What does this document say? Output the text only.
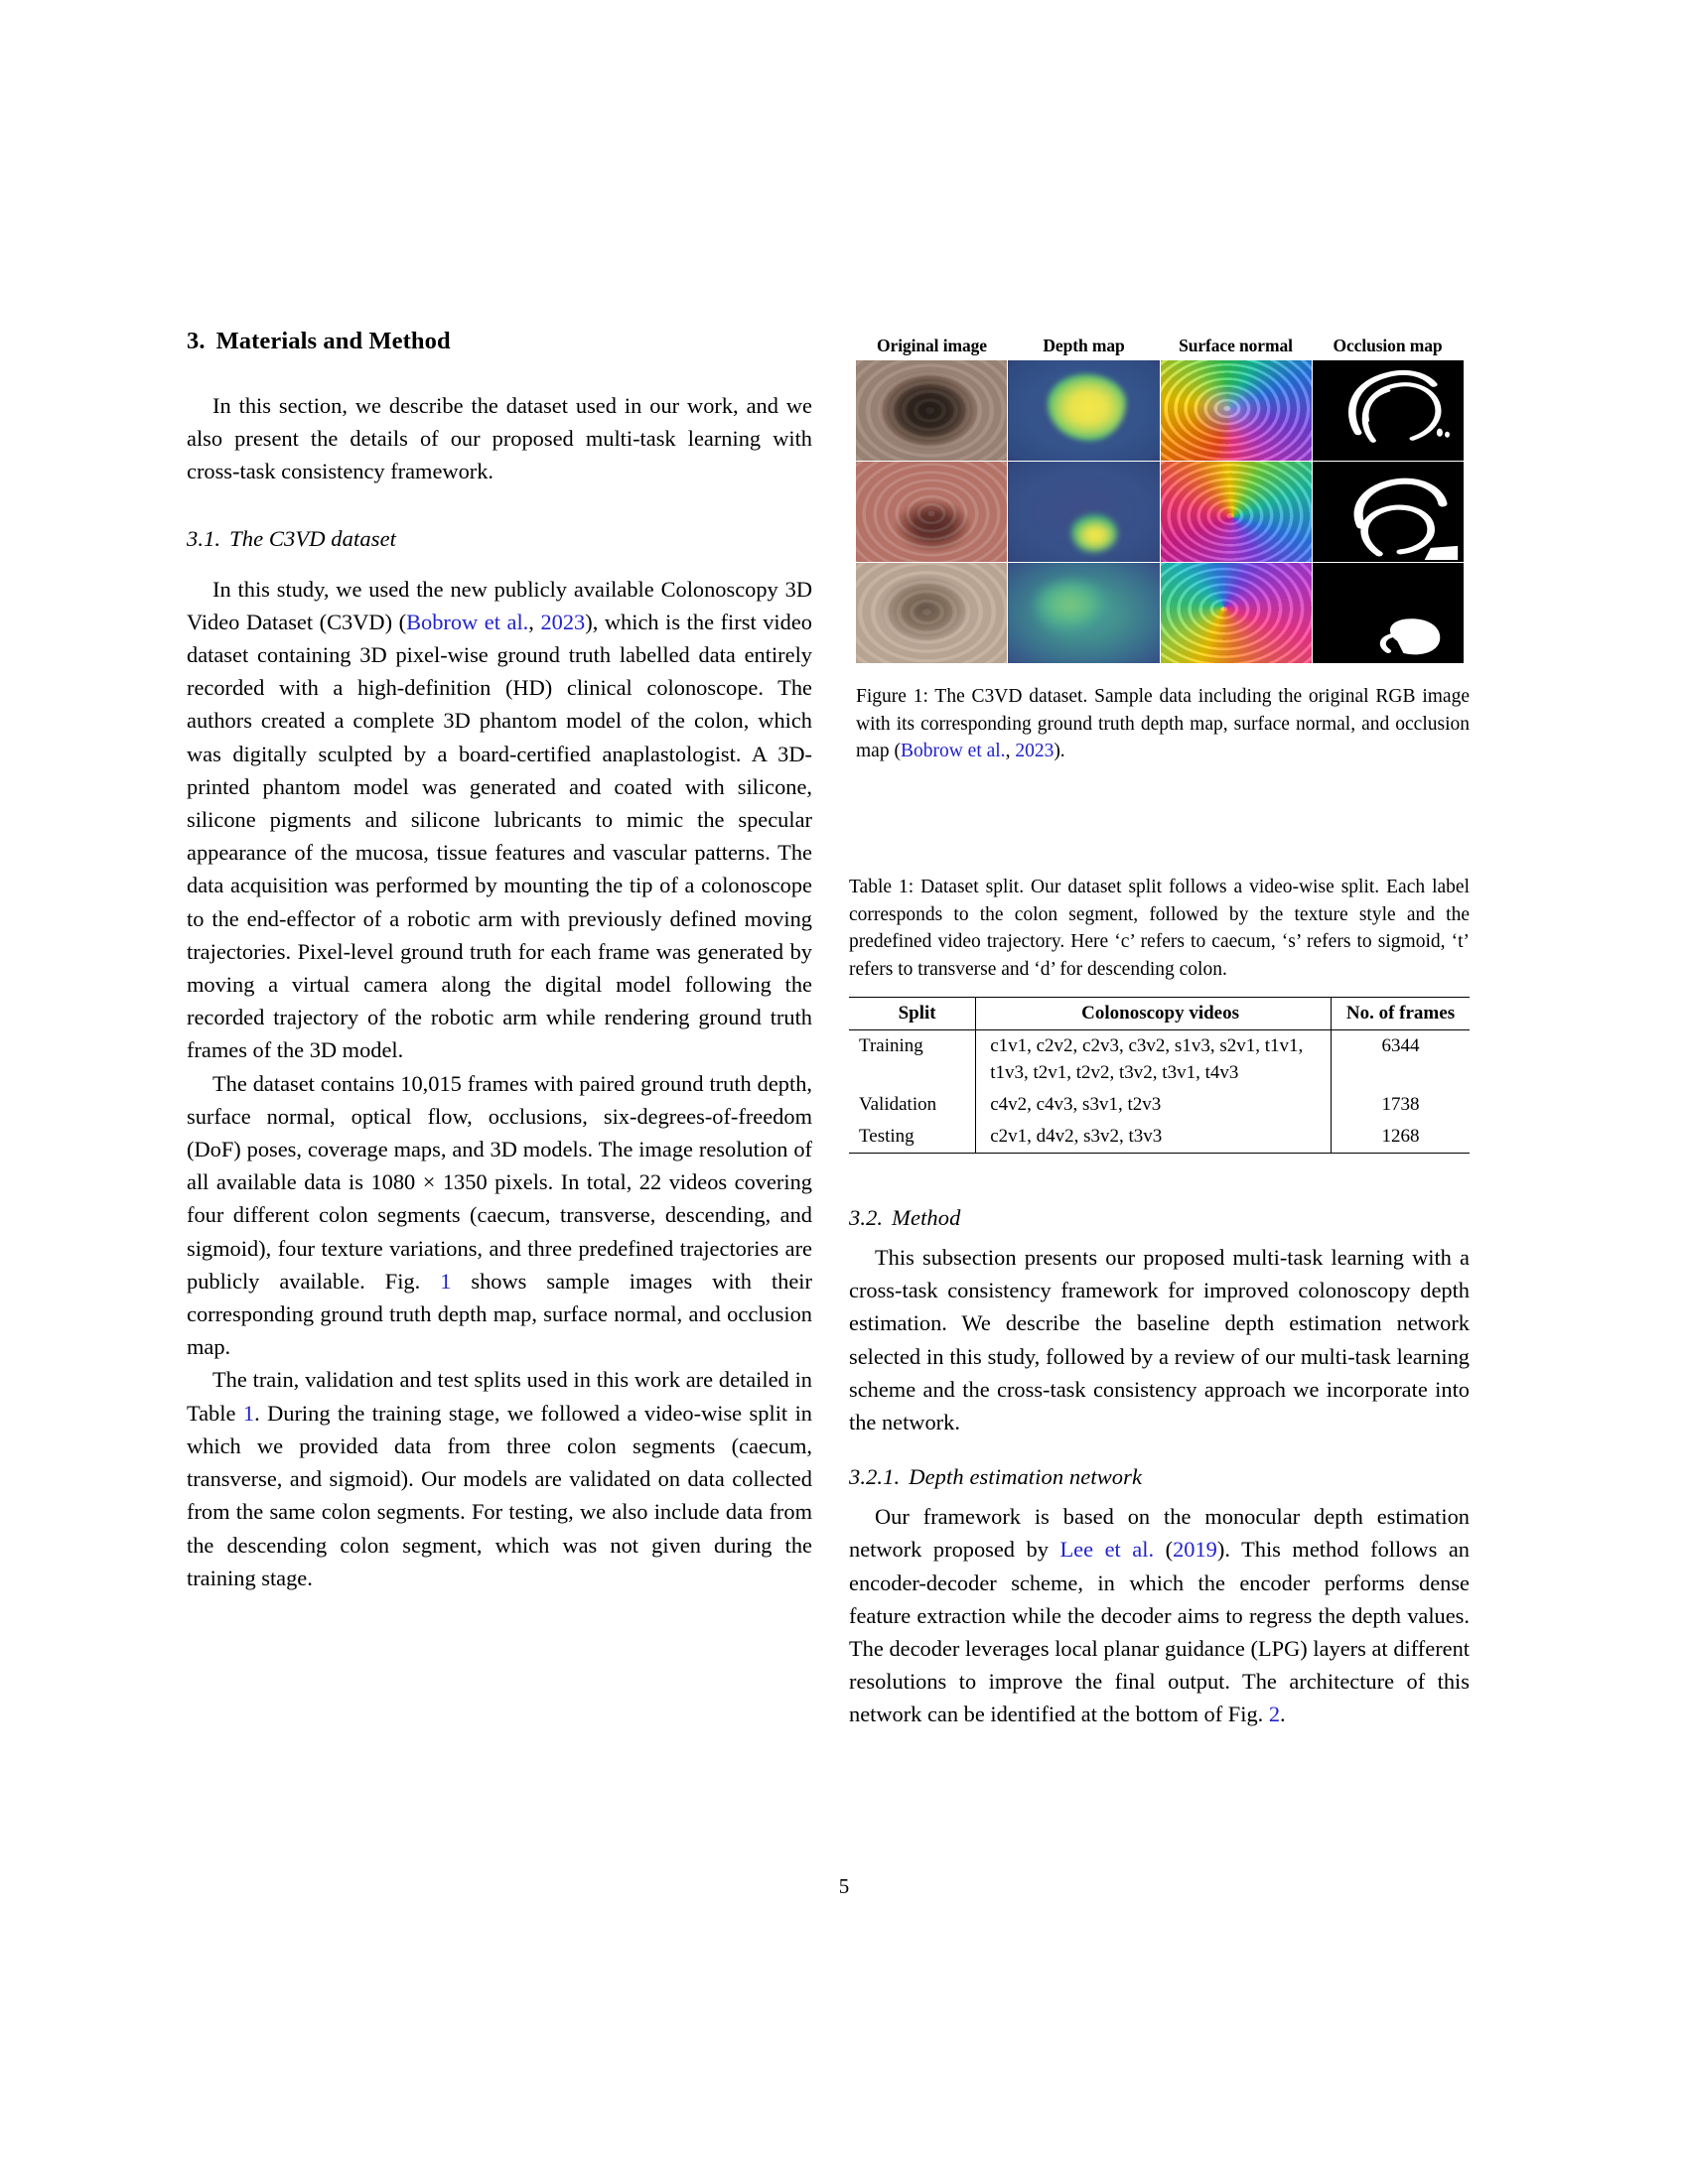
3. Materials and Method

In this section, we describe the dataset used in our work, and we also present the details of our proposed multi-task learning with cross-task consistency framework.

3.1. The C3VD dataset

In this study, we used the new publicly available Colonoscopy 3D Video Dataset (C3VD) (Bobrow et al., 2023), which is the first video dataset containing 3D pixel-wise ground truth labelled data entirely recorded with a high-definition (HD) clinical colonoscope. The authors created a complete 3D phantom model of the colon, which was digitally sculpted by a board-certified anaplastologist. A 3D-printed phantom model was generated and coated with silicone, silicone pigments and silicone lubricants to mimic the specular appearance of the mucosa, tissue features and vascular patterns. The data acquisition was performed by mounting the tip of a colonoscope to the end-effector of a robotic arm with previously defined moving trajectories. Pixel-level ground truth for each frame was generated by moving a virtual camera along the digital model following the recorded trajectory of the robotic arm while rendering ground truth frames of the 3D model.

The dataset contains 10,015 frames with paired ground truth depth, surface normal, optical flow, occlusions, six-degrees-of-freedom (DoF) poses, coverage maps, and 3D models. The image resolution of all available data is 1080 × 1350 pixels. In total, 22 videos covering four different colon segments (caecum, transverse, descending, and sigmoid), four texture variations, and three predefined trajectories are publicly available. Fig. 1 shows sample images with their corresponding ground truth depth map, surface normal, and occlusion map.

The train, validation and test splits used in this work are detailed in Table 1. During the training stage, we followed a video-wise split in which we provided data from three colon segments (caecum, transverse, and sigmoid). Our models are validated on data collected from the same colon segments. For testing, we also include data from the descending colon segment, which was not given during the training stage.

Original image	Depth map	Surface normal	Occlusion map
Figure 1: The C3VD dataset. Sample data including the original RGB image with its corresponding ground truth depth map, surface normal, and occlusion map (Bobrow et al., 2023).

Table 1: Dataset split. Our dataset split follows a video-wise split. Each label corresponds to the colon segment, followed by the texture style and the predefined video trajectory. Here ‘c’ refers to caecum, ‘s’ refers to sigmoid, ‘t’ refers to transverse and ‘d’ for descending colon.

Split	Colonoscopy videos	No. of frames
Training	c1v1, c2v2, c2v3, c3v2, s1v3, s2v1, t1v1,	6344
	t1v3, t2v1, t2v2, t3v2, t3v1, t4v3	
Validation	c4v2, c4v3, s3v1, t2v3	1738
Testing	c2v1, d4v2, s3v2, t3v3	1268
3.2. Method

This subsection presents our proposed multi-task learning with a cross-task consistency framework for improved colonoscopy depth estimation. We describe the baseline depth estimation network selected in this study, followed by a review of our multi-task learning scheme and the cross-task consistency approach we incorporate into the network.

3.2.1. Depth estimation network

Our framework is based on the monocular depth estimation network proposed by Lee et al. (2019). This method follows an encoder-decoder scheme, in which the encoder performs dense feature extraction while the decoder aims to regress the depth values. The decoder leverages local planar guidance (LPG) layers at different resolutions to improve the final output. The architecture of this network can be identified at the bottom of Fig. 2.

5
